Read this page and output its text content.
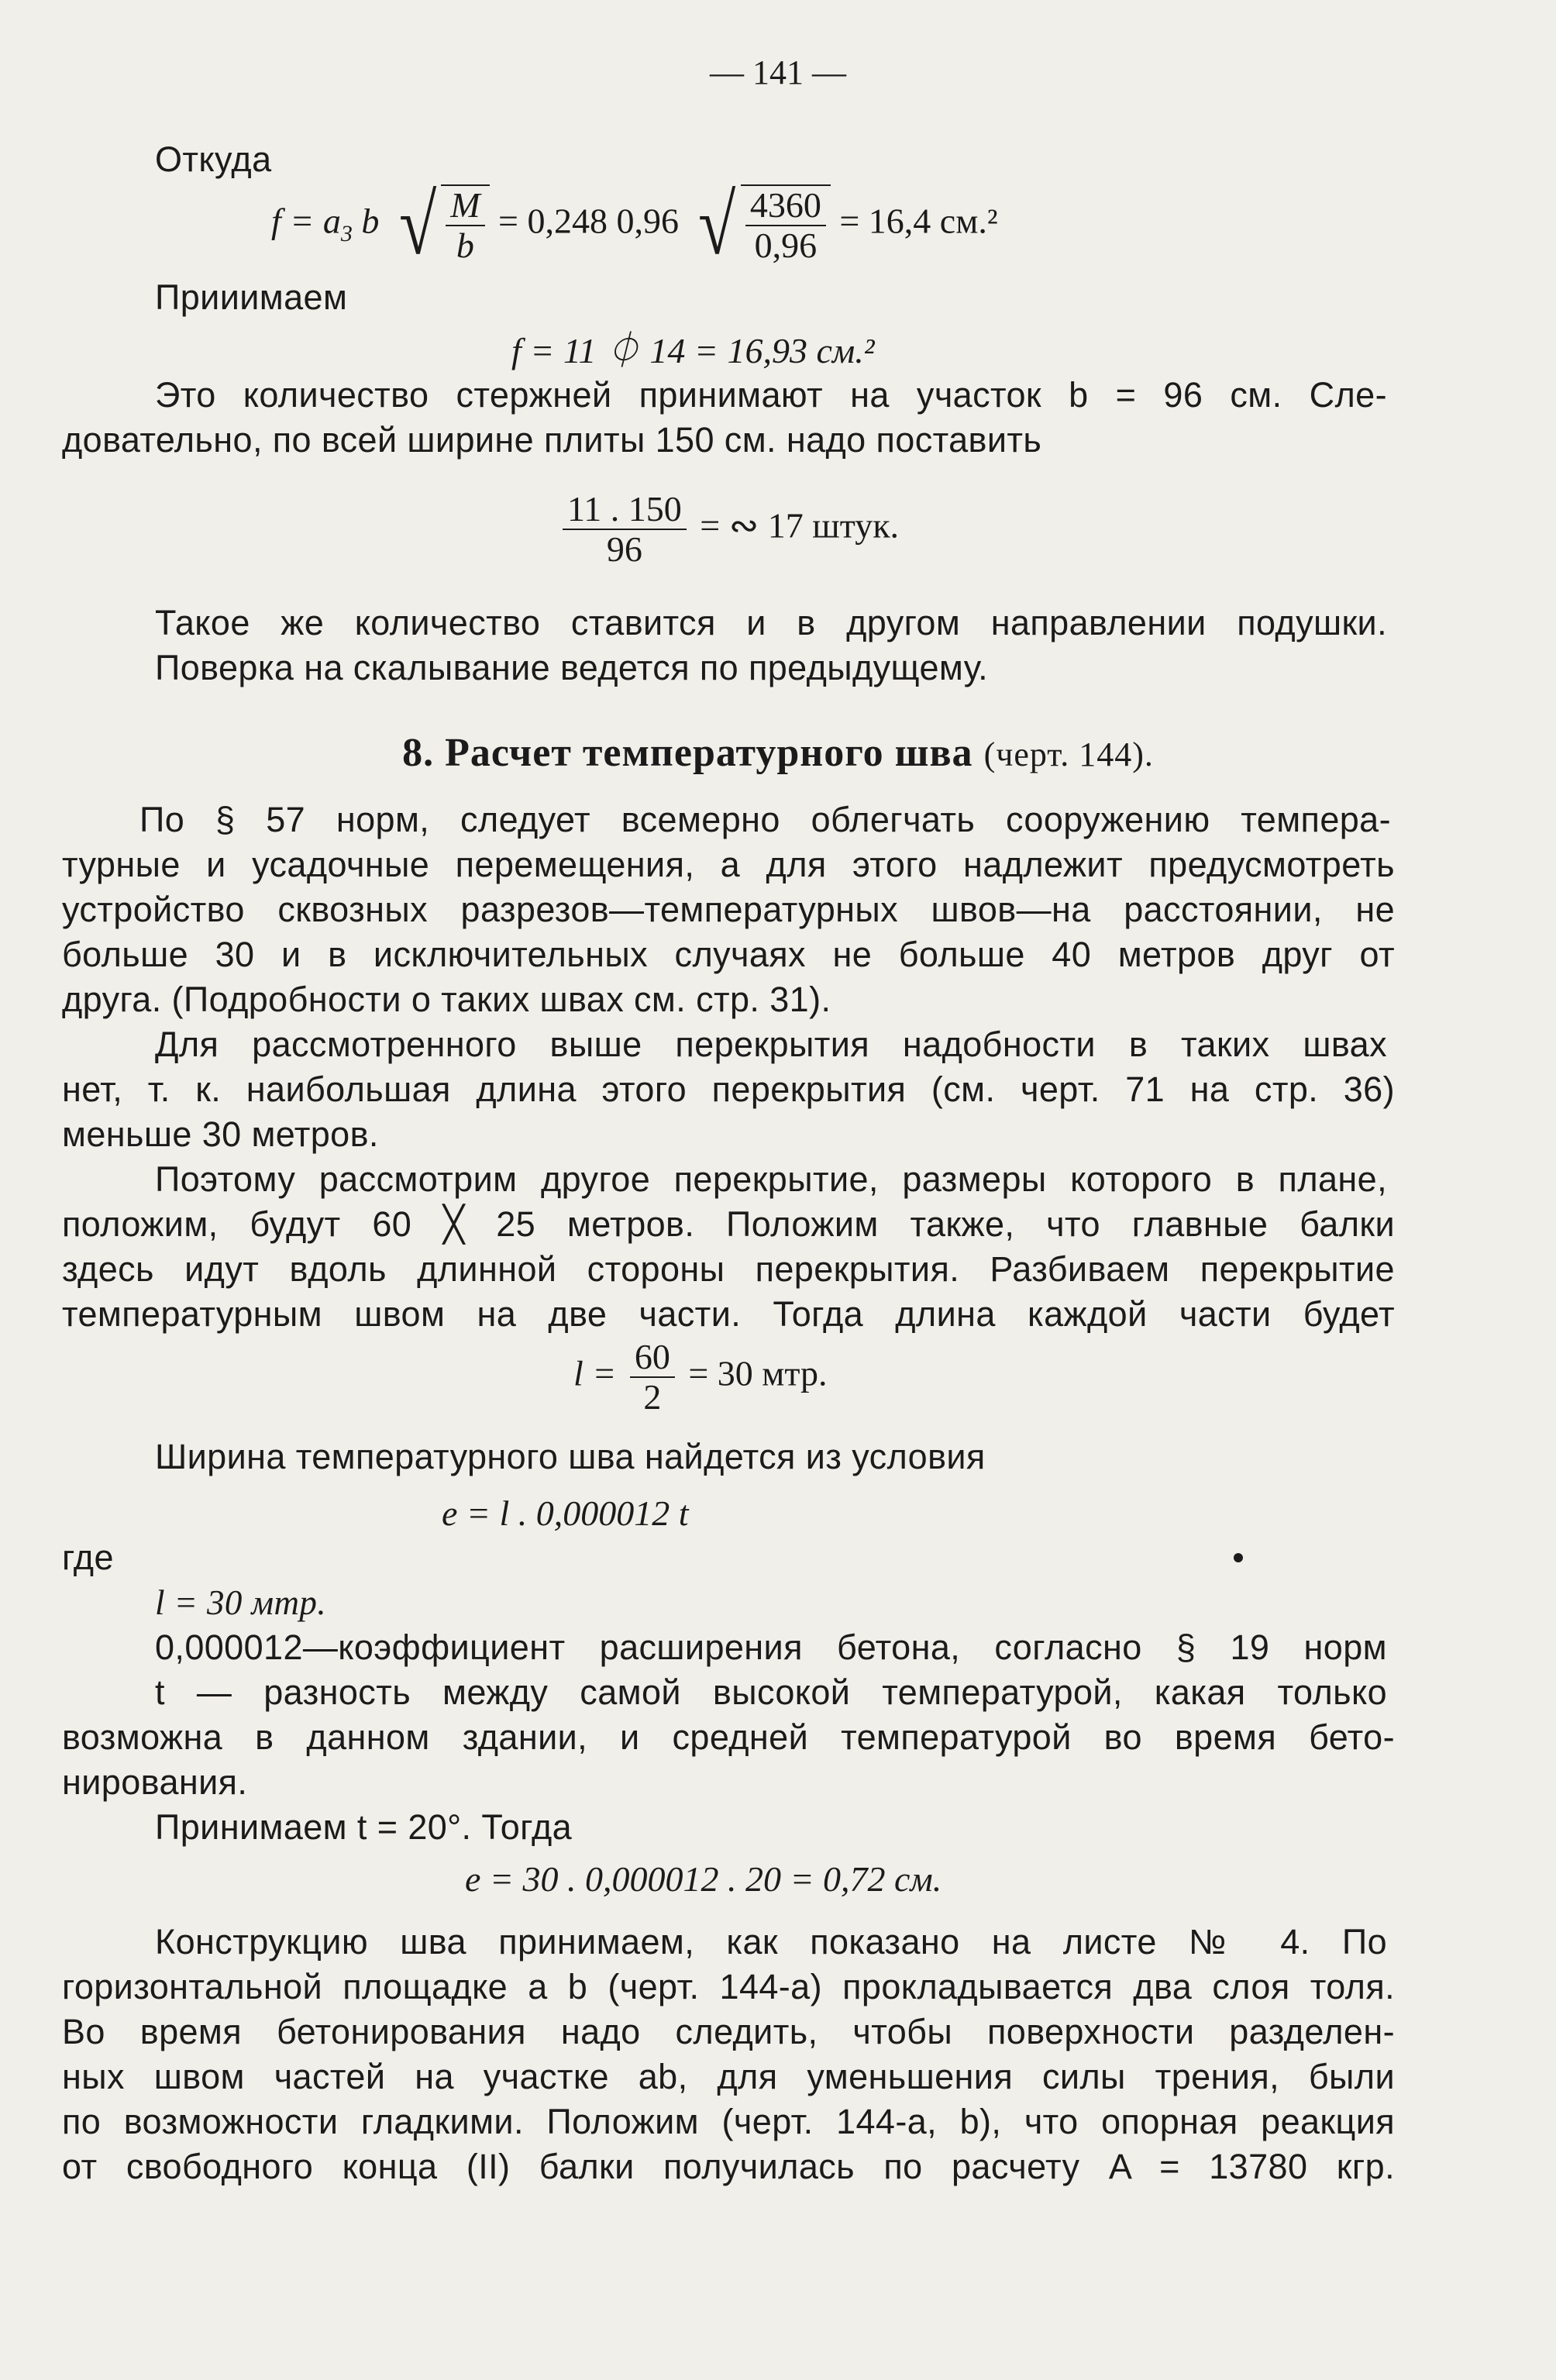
— 141 —
Откуда
$f = a_3$ b √ $\frac{M}{b} = 0,248$ 0,96 √ $\frac{4360}{0,96} = 16,4$ см.²
Прииимаем
f = 11 ⏀ 14 = 16,93 см.²
Это количество стержней принимают на участок b = 96 см. Сле-
довательно, по всей ширине плиты 150 см. надо поставить
$\frac{11 . 150}{96}$ = ∾ 17 штук.
Такое же количество ставится и в другом направлении подушки.
Поверка на скалывание ведется по предыдущему.
8. Расчет температурного шва (черт. 144).
По § 57 норм, следует всемерно облегчать сооружению темпера-
турные и усадочные перемещения, а для этого надлежит предусмотреть
устройство сквозных разрезов—температурных швов—на расстоянии, не
больше 30 и в исключительных случаях не больше 40 метров друг от
друга. (Подробности о таких швах см. стр. 31).
Для рассмотренного выше перекрытия надобности в таких швах
нет, т. к. наибольшая длина этого перекрытия (см. черт. 71 на стр. 36)
меньше 30 метров.
Поэтому рассмотрим другое перекрытие, размеры которого в плане,
положим, будут 60 ╳ 25 метров. Положим также, что главные балки
здесь идут вдоль длинной стороны перекрытия. Разбиваем перекрытие
температурным швом на две части. Тогда длина каждой части будет
$l = \frac{60}{2} = 30$ мтр.
Ширина температурного шва найдется из условия
e = l . 0,000012 t
где
l = 30 мтр.
0,000012—коэффициент расширения бетона, согласно § 19 норм
t — разность между самой высокой температурой, какая только
возможна в данном здании, и средней температурой во время бето-
нирования.
Принимаем t = 20°. Тогда
e = 30 . 0,000012 . 20 = 0,72 см.
Конструкцию шва принимаем, как показано на листе № 4. По
горизонтальной площадке a b (черт. 144-а) прокладывается два слоя толя.
Во время бетонирования надо следить, чтобы поверхности разделен-
ных швом частей на участке ab, для уменьшения силы трения, были
по возможности гладкими. Положим (черт. 144-а, b), что опорная реакция
от свободного конца (II) балки получилась по расчету A = 13780 кгр.
